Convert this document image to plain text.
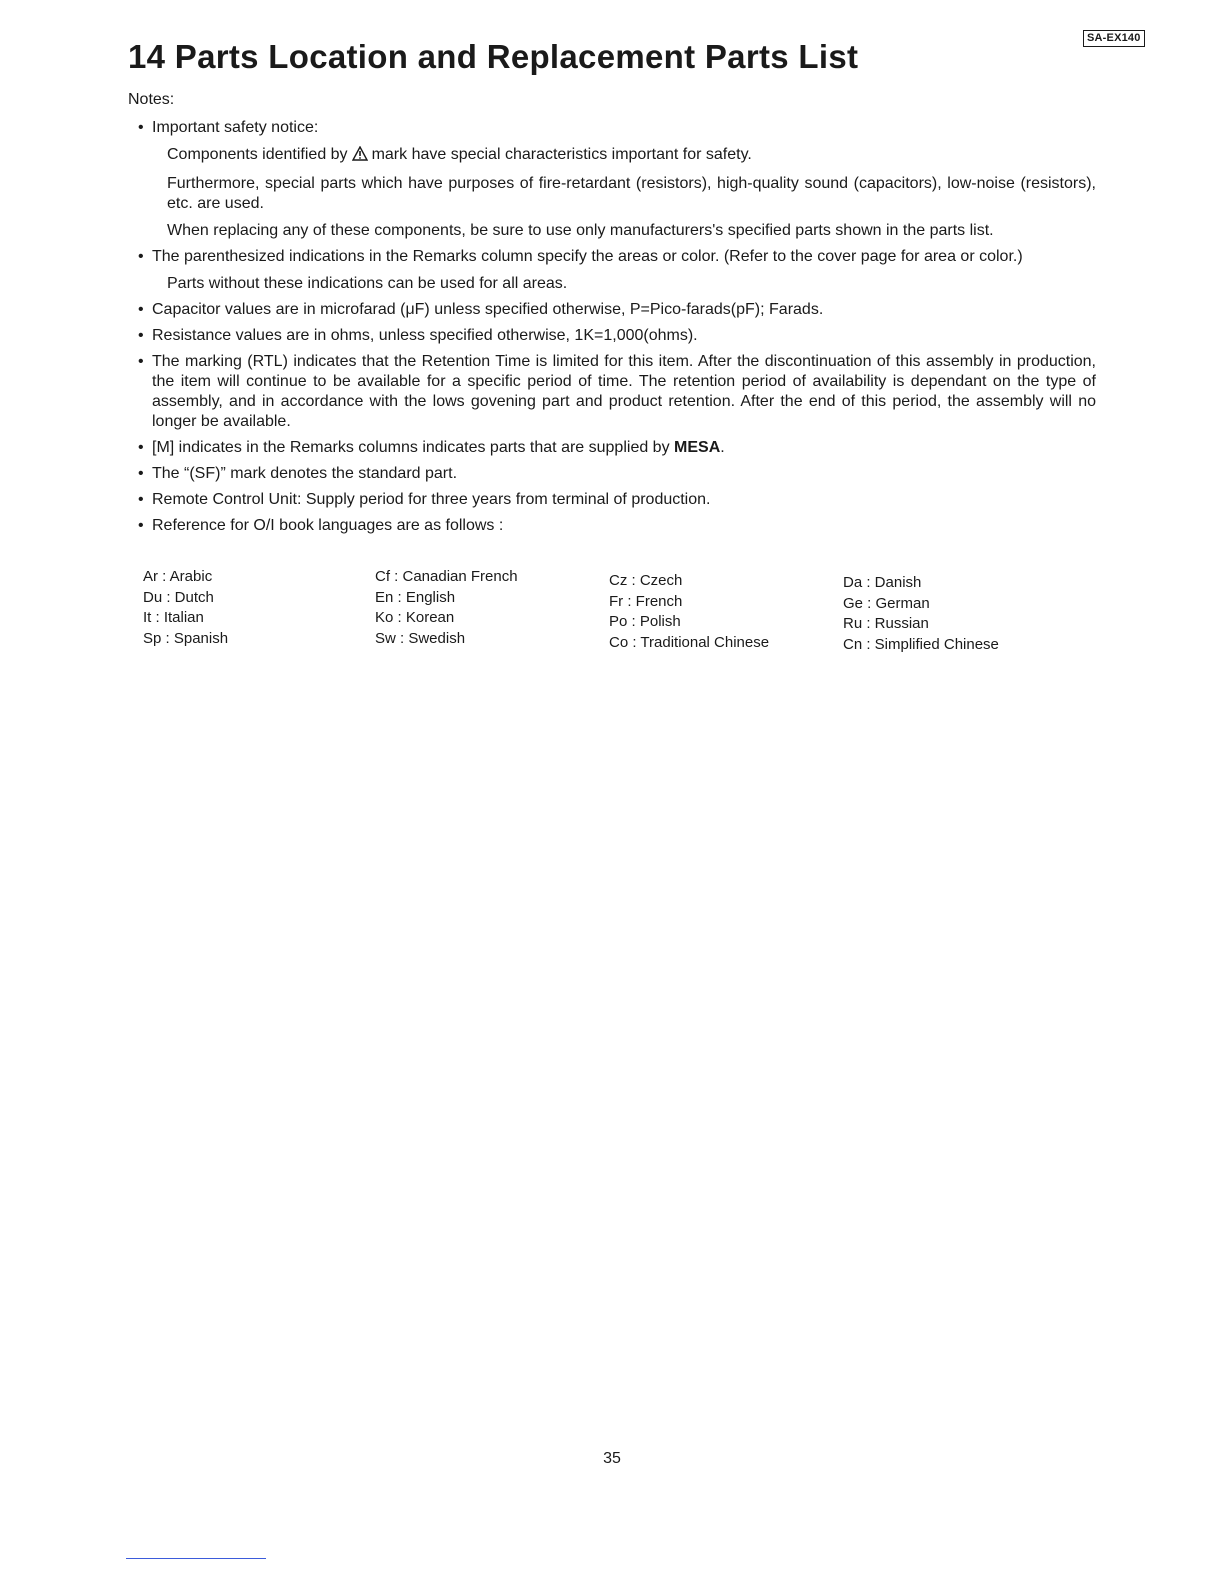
SA-EX140
14 Parts Location and Replacement Parts List
Notes:
• Important safety notice:
Components identified by mark have special characteristics important for safety.
Furthermore, special parts which have purposes of fire-retardant (resistors), high-quality sound (capacitors), low-noise (resistors), etc. are used.
When replacing any of these components, be sure to use only manufacturers's specified parts shown in the parts list.
• The parenthesized indications in the Remarks column specify the areas or color. (Refer to the cover page for area or color.)
Parts without these indications can be used for all areas.
• Capacitor values are in microfarad (μF) unless specified otherwise, P=Pico-farads(pF); Farads.
• Resistance values are in ohms, unless specified otherwise, 1K=1,000(ohms).
• The marking (RTL) indicates that the Retention Time is limited for this item. After the discontinuation of this assembly in production, the item will continue to be available for a specific period of time. The retention period of availability is dependant on the type of assembly, and in accordance with the lows govening part and product retention. After the end of this period, the assembly will no longer be available.
• [M] indicates in the Remarks columns indicates parts that are supplied by MESA.
• The “(SF)” mark denotes the standard part.
• Remote Control Unit: Supply period for three years from terminal of production.
• Reference for O/I book languages are as follows :
Ar : Arabic
Du : Dutch
It : Italian
Sp : Spanish
Cf : Canadian French
En : English
Ko : Korean
Sw : Swedish
Cz : Czech
Fr : French
Po : Polish
Co : Traditional Chinese
Da : Danish
Ge : German
Ru : Russian
Cn : Simplified Chinese
35
